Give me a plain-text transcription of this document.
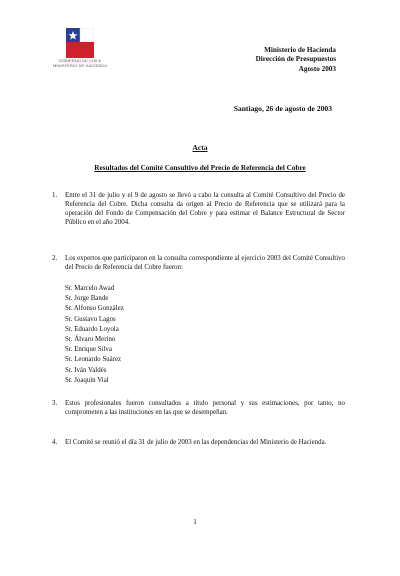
GOBIERNO DE CHILE
MINISTERIO DE HACIENDA
Ministerio de Hacienda
Dirección de Presupuestos
Agosto 2003
Santiago, 26 de agosto de 2003
Acta
Resultados del Comité Consultivo del Precio de Referencia del Cobre
1. Entre el 31 de julio y el 9 de agosto se llevó a cabo la consulta al Comité Consultivo del Precio de Referencia del Cobre. Dicha consulta da origen al Precio de Referencia que se utilizará para la operación del Fondo de Compensación del Cobre y para estimar el Balance Estructural de Sector Público en el año 2004.
2. Los expertos que participaron en la consulta correspondiente al ejercicio 2003 del Comité Consultivo del Precio de Referencia del Cobre fueron:
Sr. Marcelo Awad
Sr. Jorge Bande
Sr. Alfonso González
Sr. Gustavo Lagos
Sr. Eduardo Loyola
Sr. Álvaro Merino
Sr. Enrique Silva
Sr. Leonardo Suárez
Sr. Iván Valdés
Sr. Joaquín Vial
3. Estos profesionales fueron consultados a título personal y sus estimaciones, por tanto, no comprometen a las instituciones en las que se desempeñan.
4. El Comité se reunió el día 31 de julio de 2003 en las dependencias del Ministerio de Hacienda.
1
